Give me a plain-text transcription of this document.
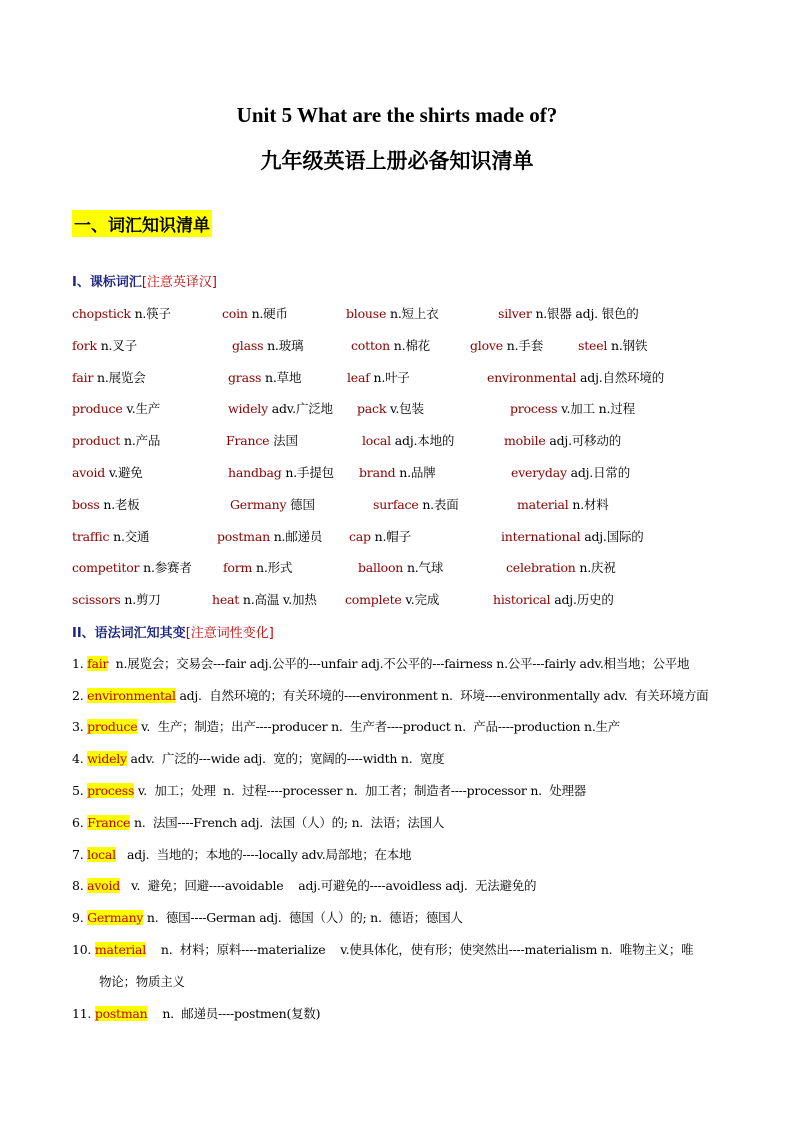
Unit 5 What are the shirts made of?
九年级英语上册必备知识清单
一、词汇知识清单
I、课标词汇[注意英译汉]
chopstick n.筷子	coin n.硬币	blouse n.短上衣	silver n.银器 adj. 银色的
fork n.叉子	glass n.玻璃	cotton n.棉花	glove n.手套	steel n.钢铁
fair n.展览会	grass n.草地	leaf n.叶子	environmental adj.自然环境的
produce v.生产	widely adv.广泛地 pack v.包装	process v.加工 n.过程
product n.产品	France 法国	local adj.本地的	mobile adj.可移动的
avoid v.避免	handbag n.手提包 brand n.品牌	everyday adj.日常的
boss n.老板	Germany 德国	surface n.表面	material n.材料
traffic n.交通	postman n.邮递员 cap n.帽子	international adj.国际的
competitor n.参赛者	form n.形式	balloon n.气球	celebration n.庆祝
scissors n.剪刀	heat n.高温 v.加热 complete v.完成	historical adj.历史的
II、语法词汇知其变[注意词性变化]
1. fair  n.展览会；交易会---fair adj.公平的---unfair adj.不公平的---fairness n.公平---fairly adv.相当地；公平地
2. environmental adj.  自然环境的；有关环境的----environment n.  环境----environmentally adv.  有关环境方面
3. produce v.  生产；制造；出产----producer n.  生产者----product n.  产品----production n.生产
4. widely adv.  广泛的---wide adj.  宽的；宽阔的----width n.  宽度
5. process v.  加工；处理  n.  过程----processer n.  加工者；制造者----processor n.  处理器
6. France n.  法国----French adj.  法国（人）的; n.  法语；法国人
7. local   adj.  当地的；本地的----locally adv.局部地；在本地
8. avoid   v.  避免；回避----avoidable    adj.可避免的----avoidless adj.  无法避免的
9. Germany n.  德国----German adj.  德国（人）的; n.  德语；德国人
10. material    n.  材料；原料----materialize    v.使具体化，使有形；使突然出----materialism n.  唯物主义；唯
11. postman    n.  邮递员----postmen(复数)
物论；物质主义
